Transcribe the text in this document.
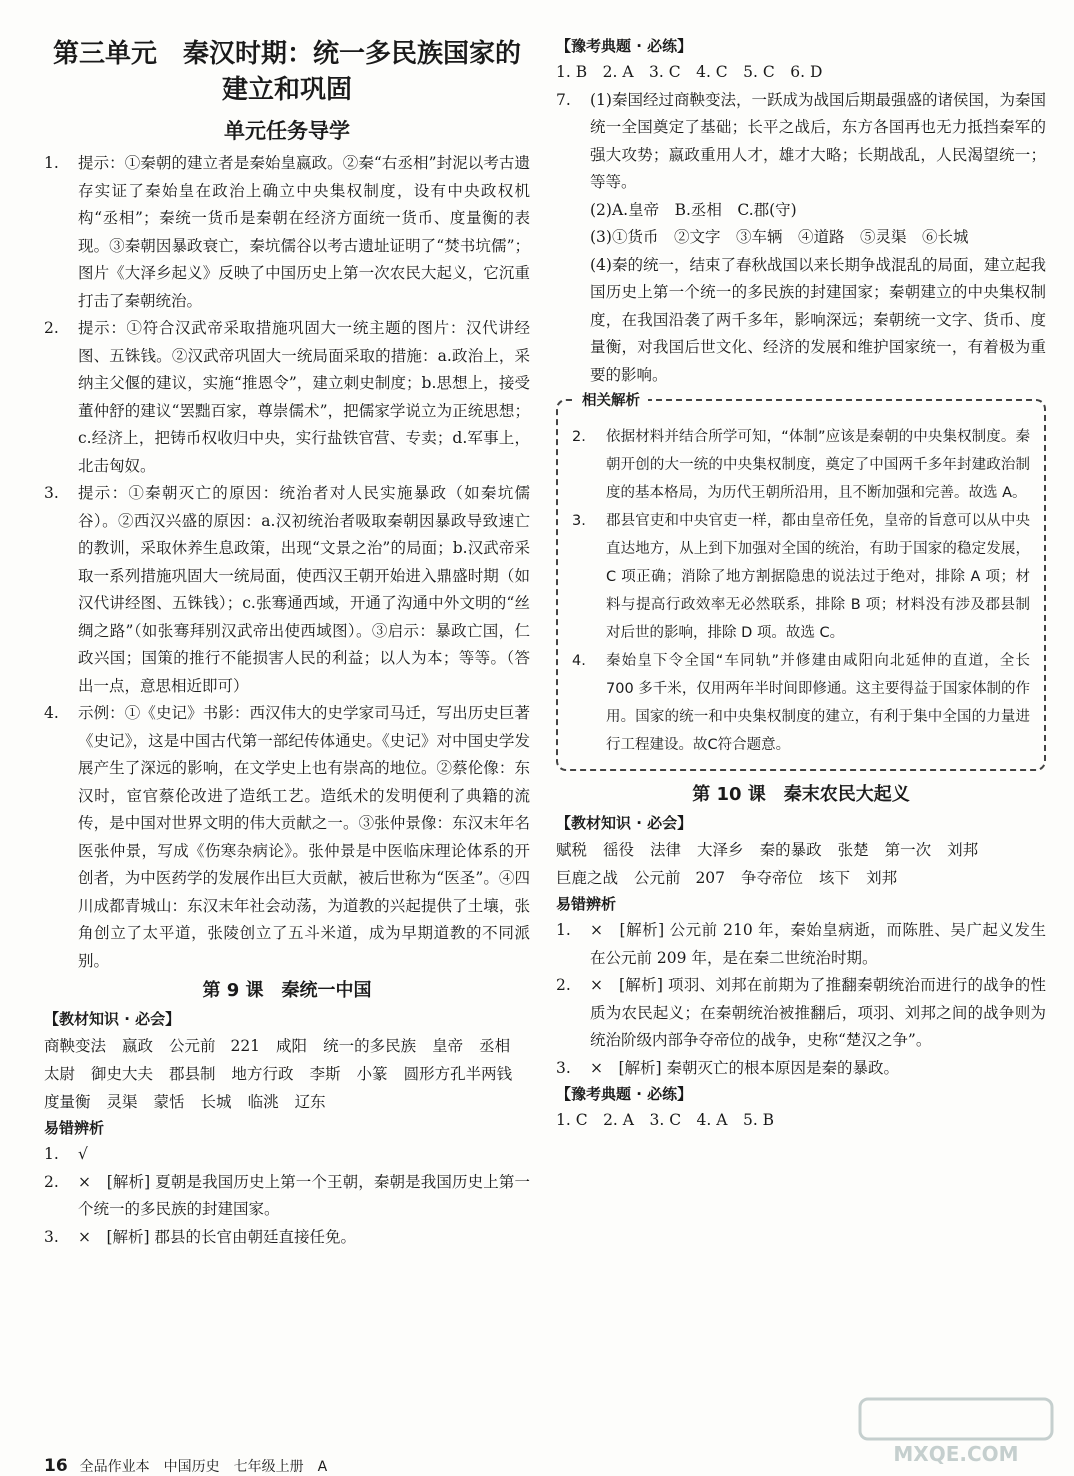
第三单元　秦汉时期：统一多民族国家的
建立和巩固
单元任务导学
1.	提示：①秦朝的建立者是秦始皇嬴政。②秦“右丞相”封泥以考古遗存实证了秦始皇在政治上确立中央集权制度，设有中央政权机构“丞相”；秦统一货币是秦朝在经济方面统一货币、度量衡的表现。③秦朝因暴政衰亡，秦坑儒谷以考古遗址证明了“焚书坑儒”；图片《大泽乡起义》反映了中国历史上第一次农民大起义，它沉重打击了秦朝统治。
2.	提示：①符合汉武帝采取措施巩固大一统主题的图片：汉代讲经图、五铢钱。②汉武帝巩固大一统局面采取的措施：a.政治上，采纳主父偃的建议，实施“推恩令”，建立刺史制度；b.思想上，接受董仲舒的建议“罢黜百家，尊崇儒术”，把儒家学说立为正统思想；c.经济上，把铸币权收归中央，实行盐铁官营、专卖；d.军事上，北击匈奴。
3.	提示：①秦朝灭亡的原因：统治者对人民实施暴政（如秦坑儒谷）。②西汉兴盛的原因：a.汉初统治者吸取秦朝因暴政导致速亡的教训，采取休养生息政策，出现“文景之治”的局面；b.汉武帝采取一系列措施巩固大一统局面，使西汉王朝开始进入鼎盛时期（如汉代讲经图、五铢钱）；c.张骞通西域，开通了沟通中外文明的“丝绸之路”（如张骞拜别汉武帝出使西域图）。③启示：暴政亡国，仁政兴国；国策的推行不能损害人民的利益；以人为本；等等。（答出一点，意思相近即可）
4.	示例：①《史记》书影：西汉伟大的史学家司马迁，写出历史巨著《史记》，这是中国古代第一部纪传体通史。《史记》对中国史学发展产生了深远的影响，在文学史上也有崇高的地位。②蔡伦像：东汉时，宦官蔡伦改进了造纸工艺。造纸术的发明便利了典籍的流传，是中国对世界文明的伟大贡献之一。③张仲景像：东汉末年名医张仲景，写成《伤寒杂病论》。张仲景是中医临床理论体系的开创者，为中医药学的发展作出巨大贡献，被后世称为“医圣”。④四川成都青城山：东汉末年社会动荡，为道教的兴起提供了土壤，张角创立了太平道，张陵创立了五斗米道，成为早期道教的不同派别。
第 9 课　秦统一中国
【教材知识 · 必会】
商鞅变法 嬴政 公元前 221 咸阳 统一的多民族 皇帝 丞相太尉 御史大夫 郡县制 地方行政 李斯 小篆 圆形方孔半两钱度量衡 灵渠 蒙恬 长城 临洮 辽东
易错辨析
1.	√
2.	×　[解析] 夏朝是我国历史上第一个王朝，秦朝是我国历史上第一个统一的多民族的封建国家。
3.	×　[解析] 郡县的长官由朝廷直接任免。
【豫考典题 · 必练】
1. B　2. A　3. C　4. C　5. C　6. D
7.	(1)秦国经过商鞅变法，一跃成为战国后期最强盛的诸侯国，为秦国统一全国奠定了基础；长平之战后，东方各国再也无力抵挡秦军的强大攻势；嬴政重用人才，雄才大略；长期战乱，人民渴望统一；等等。
(2)A.皇帝　B.丞相　C.郡(守)
(3)①货币　②文字　③车辆　④道路　⑤灵渠　⑥长城
(4)秦的统一，结束了春秋战国以来长期争战混乱的局面，建立起我国历史上第一个统一的多民族的封建国家；秦朝建立的中央集权制度，在我国沿袭了两千多年，影响深远；秦朝统一文字、货币、度量衡，对我国后世文化、经济的发展和维护国家统一，有着极为重要的影响。
相关解析
2.	依据材料并结合所学可知，“体制”应该是秦朝的中央集权制度。秦朝开创的大一统的中央集权制度，奠定了中国两千多年封建政治制度的基本格局，为历代王朝所沿用，且不断加强和完善。故选 A。
3.	郡县官吏和中央官吏一样，都由皇帝任免，皇帝的旨意可以从中央直达地方，从上到下加强对全国的统治，有助于国家的稳定发展，C 项正确；消除了地方割据隐患的说法过于绝对，排除 A 项；材料与提高行政效率无必然联系，排除 B 项；材料没有涉及郡县制对后世的影响，排除 D 项。故选 C。
4.	秦始皇下令全国“车同轨”并修建由咸阳向北延伸的直道，全长 700 多千米，仅用两年半时间即修通。这主要得益于国家体制的作用。国家的统一和中央集权制度的建立，有利于集中全国的力量进行工程建设。故C符合题意。
第 10 课　秦末农民大起义
【教材知识 · 必会】
赋税 徭役 法律 大泽乡 秦的暴政 张楚 第一次 刘邦巨鹿之战 公元前 207 争夺帝位 垓下 刘邦
易错辨析
1.	×　[解析] 公元前 210 年，秦始皇病逝，而陈胜、吴广起义发生在公元前 209 年，是在秦二世统治时期。
2.	×　[解析] 项羽、刘邦在前期为了推翻秦朝统治而进行的战争的性质为农民起义；在秦朝统治被推翻后，项羽、刘邦之间的战争则为统治阶级内部争夺帝位的战争，史称“楚汉之争”。
3.	×　[解析] 秦朝灭亡的根本原因是秦的暴政。
【豫考典题 · 必练】
1. C　2. A　3. C　4. A　5. B
16 全品作业本　中国历史　七年级上册　A
MXQE.COM
